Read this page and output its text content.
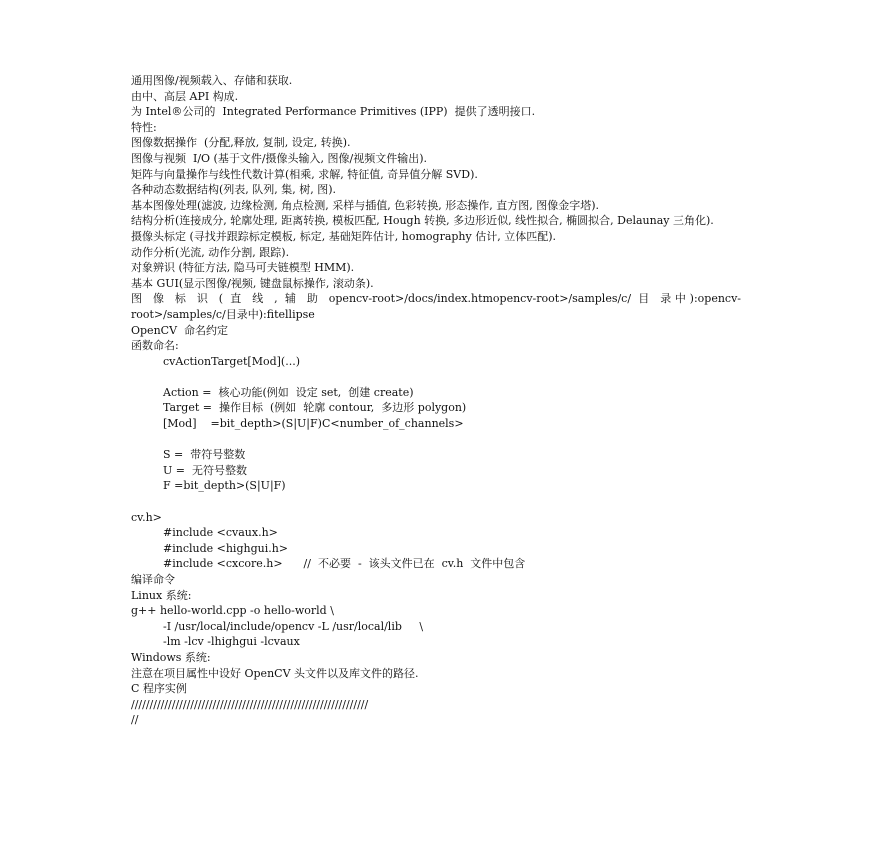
通用图像/视频载入、存储和获取.
由中、高层 API 构成.
为 Intel®公司的  Integrated Performance Primitives (IPP)  提供了透明接口.
特性:
图像数据操作  (分配,释放, 复制, 设定, 转换).
图像与视频  I/O (基于文件/摄像头输入, 图像/视频文件输出).
矩阵与向量操作与线性代数计算(相乘, 求解, 特征值, 奇异值分解 SVD).
各种动态数据结构(列表, 队列, 集, 树, 图).
基本图像处理(滤波, 边缘检测, 角点检测, 采样与插值, 色彩转换, 形态操作, 直方图, 图像金字塔).
结构分析(连接成分, 轮廓处理, 距离转换, 模板匹配, Hough 转换, 多边形近似, 线性拟合, 椭圆拟合, Delaunay 三角化).
摄像头标定 (寻找并跟踪标定模板, 标定, 基础矩阵估计, homography 估计, 立体匹配).
动作分析(光流, 动作分割, 跟踪).
对象辨识 (特征方法, 隐马可夫链模型 HMM).
基本 GUI(显示图像/视频, 键盘鼠标操作, 滚动条).
图 像 标 识 ( 直 线 , 辅 助 opencv-root>/docs/index.htmopencv-root>/samples/c/ 目 录中):opencv-root>/samples/c/目录中):fitellipse
OpenCV  命名约定
函数命名:
cvActionTarget[Mod](...)
Action =  核心功能(例如  设定 set,  创建 create)
Target =  操作目标  (例如  轮廓 contour,  多边形 polygon)
[Mod]    =bit_depth>(S|U|F)C<number_of_channels>
S =  带符号整数
U =  无符号整数
F =bit_depth>(S|U|F)
cv.h>
#include <cvaux.h>
#include <highgui.h>
#include <cxcore.h>      //  不必要  -  该头文件已在  cv.h  文件中包含
编译命令
Linux 系统:
g++ hello-world.cpp -o hello-world \
-I /usr/local/include/opencv -L /usr/local/lib     \
-lm -lcv -lhighgui -lcvaux
Windows 系统:
注意在项目属性中设好 OpenCV 头文件以及库文件的路径.
C 程序实例
////////////////////////////////////////////////////////////////
//
